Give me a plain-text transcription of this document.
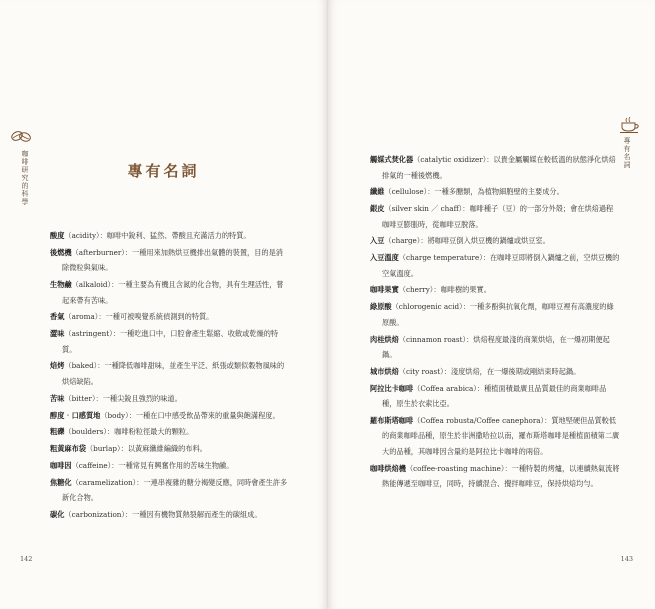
咖啡研究的科學	專有名詞
酸度（acidity）：咖啡中銳利、猛然、帶酸且充滿活力的特質。
後燃機（afterburner）：一種用來加熱烘豆機排出氣體的裝置，目的是消除微粒與氣味。
生物鹼（alkaloid）：一種主要為有機且含氮的化合物，具有生理活性，嘗起來帶有苦味。
香氣（aroma）：一種可被嗅覺系統偵測到的特質。
澀味（astringent）：一種吃進口中，口腔會產生鬆縮、收斂或乾燥的特質。
焙烤（baked）：一種降低咖啡甜味，並產生平泛、紙張或類似穀物風味的烘焙缺陷。
苦味（bitter）：一種尖銳且強烈的味道。
醇度‧口感質地（body）：一種在口中感受飲品帶來的重量與飽滿程度。
粗礫（boulders）：咖啡粉粒徑最大的顆粒。
粗黃麻布袋（burlap）：以黃麻纖維編織的布料。
咖啡因（caffeine）：一種常見有興奮作用的苦味生物鹼。
焦糖化（caramelization）：一連串複雜的糖分褐變反應，同時會產生許多新化合物。
碳化（carbonization）：一種因有機物質熱裂解而產生的碳組成。
142
專有名詞
觸媒式焚化器（catalytic oxidizer）：以貴金屬觸媒在較低溫的狀態淨化烘焙排氣的一種後燃機。
纖維（cellulose）：一種多醣類，為植物細胞壁的主要成分。
銀皮（silver skin ／ chaff）：咖啡種子（豆）的一部分外殼；會在烘焙過程咖啡豆膨脹時，從咖啡豆脫落。
入豆（charge）：將咖啡豆倒入烘豆機的鍋爐或烘豆室。
入豆溫度（charge temperature）：在咖啡豆即將倒入鍋爐之前，空烘豆機的空氣溫度。
咖啡果實（cherry）：咖啡樹的果實。
綠原酸（chlorogenic acid）：一種多酚與抗氧化劑，咖啡豆裡有高濃度的綠原酸。
肉桂烘焙（cinnamon roast）：烘焙程度最淺的商業烘焙，在一爆初期便起鍋。
城市烘焙（city roast）：淺度烘焙，在一爆後期或剛結束時起鍋。
阿拉比卡咖啡（Coffea arabica）：種植面積最廣且品質最佳的商業咖啡品種，原生於衣索比亞。
羅布斯塔咖啡（Coffea robusta/Coffee canephora）：質地堅硬但品質較低的商業咖啡品種，原生於非洲撒哈拉以南，羅布斯塔咖啡是種植面積第二廣大的品種，其咖啡因含量約是阿拉比卡咖啡的兩倍。
咖啡烘焙機（coffee-roasting machine）：一種特製的烤爐，以連續熱氣流將熱能傳遞至咖啡豆，同時，持續混合、攪拌咖啡豆，保持烘焙均勻。
143
